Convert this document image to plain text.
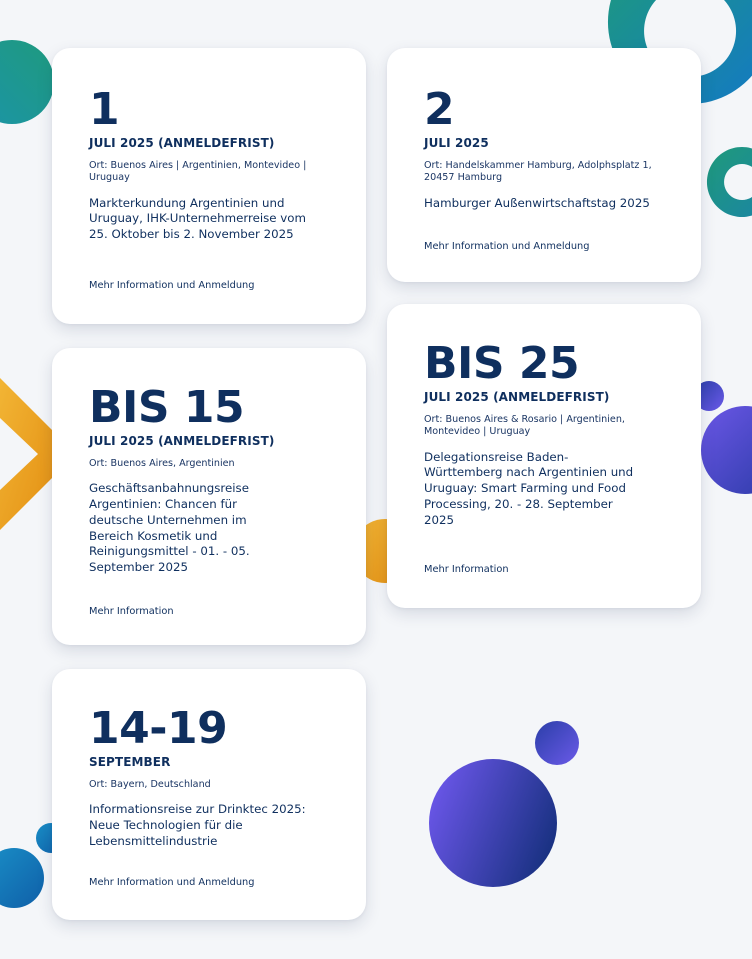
1
JULI 2025 (ANMELDEFRIST)
Ort: Buenos Aires | Argentinien, Montevideo | Uruguay
Markterkundung Argentinien und Uruguay, IHK-Unternehmerreise vom 25. Oktober bis 2. November 2025
Mehr Information und Anmeldung
2
JULI 2025
Ort: Handelskammer Hamburg, Adolphsplatz 1, 20457 Hamburg
Hamburger Außenwirtschaftstag 2025
Mehr Information und Anmeldung
BIS 15
JULI 2025 (ANMELDEFRIST)
Ort: Buenos Aires, Argentinien
Geschäftsanbahnungsreise Argentinien: Chancen für deutsche Unternehmen im Bereich Kosmetik und Reinigungsmittel - 01. - 05. September 2025
Mehr Information
BIS 25
JULI 2025 (ANMELDEFRIST)
Ort: Buenos Aires & Rosario | Argentinien, Montevideo | Uruguay
Delegationsreise Baden-Württemberg nach Argentinien und Uruguay: Smart Farming und Food Processing, 20. - 28. September 2025
Mehr Information
14-19
SEPTEMBER
Ort: Bayern, Deutschland
Informationsreise zur Drinktec 2025: Neue Technologien für die Lebensmittelindustrie
Mehr Information und Anmeldung
